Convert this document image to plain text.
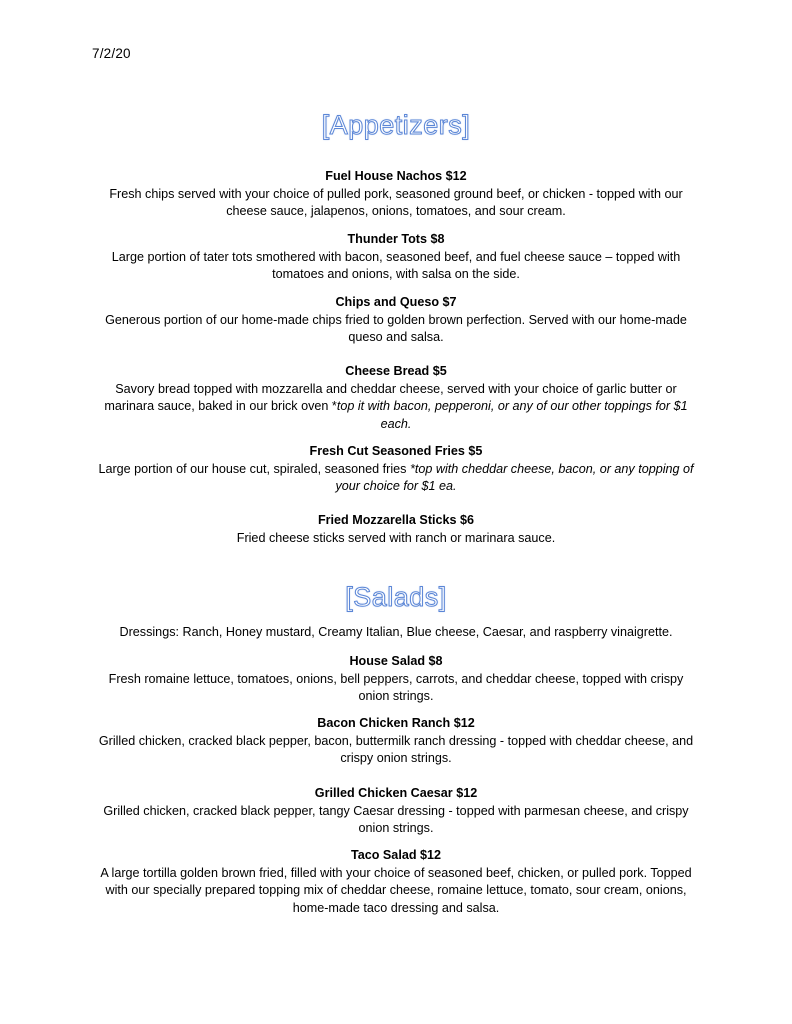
7/2/20
[Appetizers]
Fuel House Nachos $12
Fresh chips served with your choice of pulled pork, seasoned ground beef, or chicken - topped with our cheese sauce, jalapenos, onions, tomatoes, and sour cream.
Thunder Tots $8
Large portion of tater tots smothered with bacon, seasoned beef, and fuel cheese sauce – topped with tomatoes and onions, with salsa on the side.
Chips and Queso $7
Generous portion of our home-made chips fried to golden brown perfection. Served with our home-made queso and salsa.
Cheese Bread $5
Savory bread topped with mozzarella and cheddar cheese, served with your choice of garlic butter or marinara sauce, baked in our brick oven *top it with bacon, pepperoni, or any of our other toppings for $1 each.
Fresh Cut Seasoned Fries $5
Large portion of our house cut, spiraled, seasoned fries *top with cheddar cheese, bacon, or any topping of your choice for $1 ea.
Fried Mozzarella Sticks $6
Fried cheese sticks served with ranch or marinara sauce.
[Salads]
Dressings: Ranch, Honey mustard, Creamy Italian, Blue cheese, Caesar, and raspberry vinaigrette.
House Salad $8
Fresh romaine lettuce, tomatoes, onions, bell peppers, carrots, and cheddar cheese, topped with crispy onion strings.
Bacon Chicken Ranch $12
Grilled chicken, cracked black pepper, bacon, buttermilk ranch dressing - topped with cheddar cheese, and crispy onion strings.
Grilled Chicken Caesar $12
Grilled chicken, cracked black pepper, tangy Caesar dressing - topped with parmesan cheese, and crispy onion strings.
Taco Salad $12
A large tortilla golden brown fried, filled with your choice of seasoned beef, chicken, or pulled pork. Topped with our specially prepared topping mix of cheddar cheese, romaine lettuce, tomato, sour cream, onions, home-made taco dressing and salsa.
